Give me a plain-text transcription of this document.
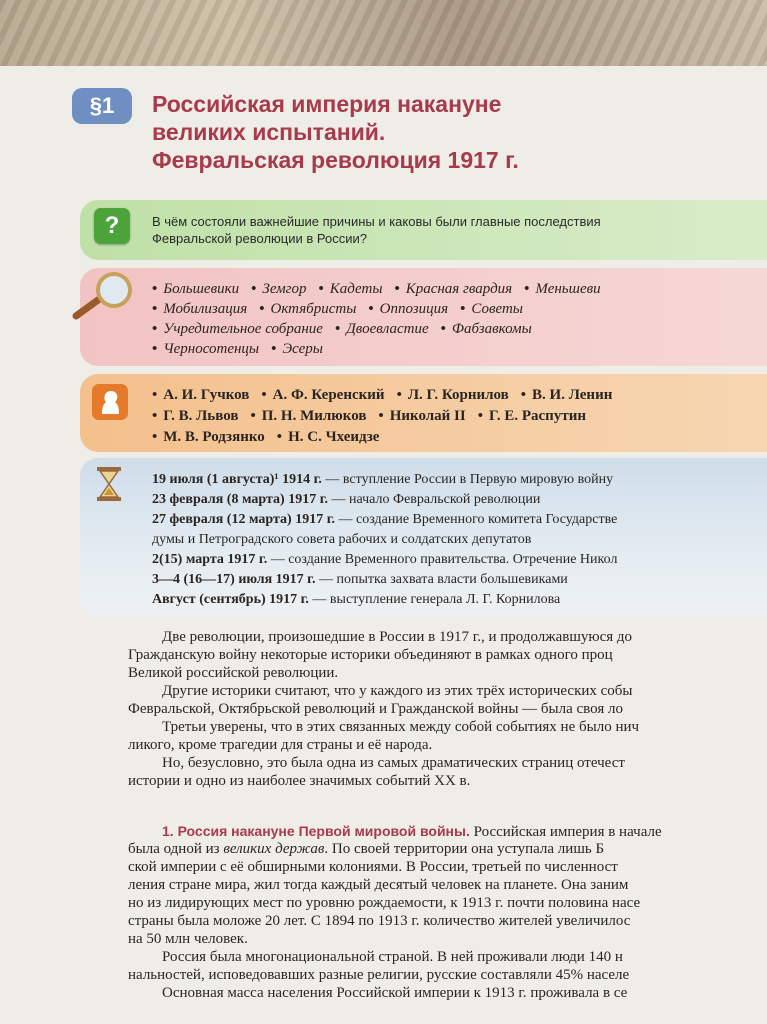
§1	Российская империя накануне
великих испытаний.
Февральская революция 1917 г.
?	В чём состояли важнейшие причины и каковы были главные последствия
Февральской революции в России?
• Большевики • Земгор • Кадеты • Красная гвардия • Меньшеви
• Мобилизация • Октябристы • Оппозиция • Советы
• Учредительное собрание • Двоевластие • Фабзавкомы
• Черносотенцы • Эсеры
• А. И. Гучков • А. Ф. Керенский • Л. Г. Корнилов • В. И. Ленин
• Г. В. Львов • П. Н. Милюков • Николай II • Г. Е. Распутин
• М. В. Родзянко • Н. С. Чхеидзе
19 июля (1 августа)¹ 1914 г. — вступление России в Первую мировую войну
23 февраля (8 марта) 1917 г. — начало Февральской революции
27 февраля (12 марта) 1917 г. — создание Временного комитета Государстве
думы и Петроградского совета рабочих и солдатских депутатов
2(15) марта 1917 г. — создание Временного правительства. Отречение Никол
3—4 (16—17) июля 1917 г. — попытка захвата власти большевиками
Август (сентябрь) 1917 г. — выступление генерала Л. Г. Корнилова
Две революции, произошедшие в России в 1917 г., и продолжавшуюся до
Гражданскую войну некоторые историки объединяют в рамках одного проц
Великой российской революции.
Другие историки считают, что у каждого из этих трёх исторических собы
Февральской, Октябрьской революций и Гражданской войны — была своя ло
Третьи уверены, что в этих связанных между собой событиях не было нич
ликого, кроме трагедии для страны и её народа.
Но, безусловно, это была одна из самых драматических страниц отечест
истории и одно из наиболее значимых событий XX в.
1. Россия накануне Первой мировой войны. Российская империя в начале
была одной из великих держав. По своей территории она уступала лишь Б
ской империи с её обширными колониями. В России, третьей по численност
ления стране мира, жил тогда каждый десятый человек на планете. Она заним
но из лидирующих мест по уровню рождаемости, к 1913 г. почти половина насе
страны была моложе 20 лет. С 1894 по 1913 г. количество жителей увеличилос
на 50 млн человек.
Россия была многонациональной страной. В ней проживали люди 140 н
нальностей, исповедовавших разные религии, русские составляли 45% населе
Основная масса населения Российской империи к 1913 г. проживала в се
